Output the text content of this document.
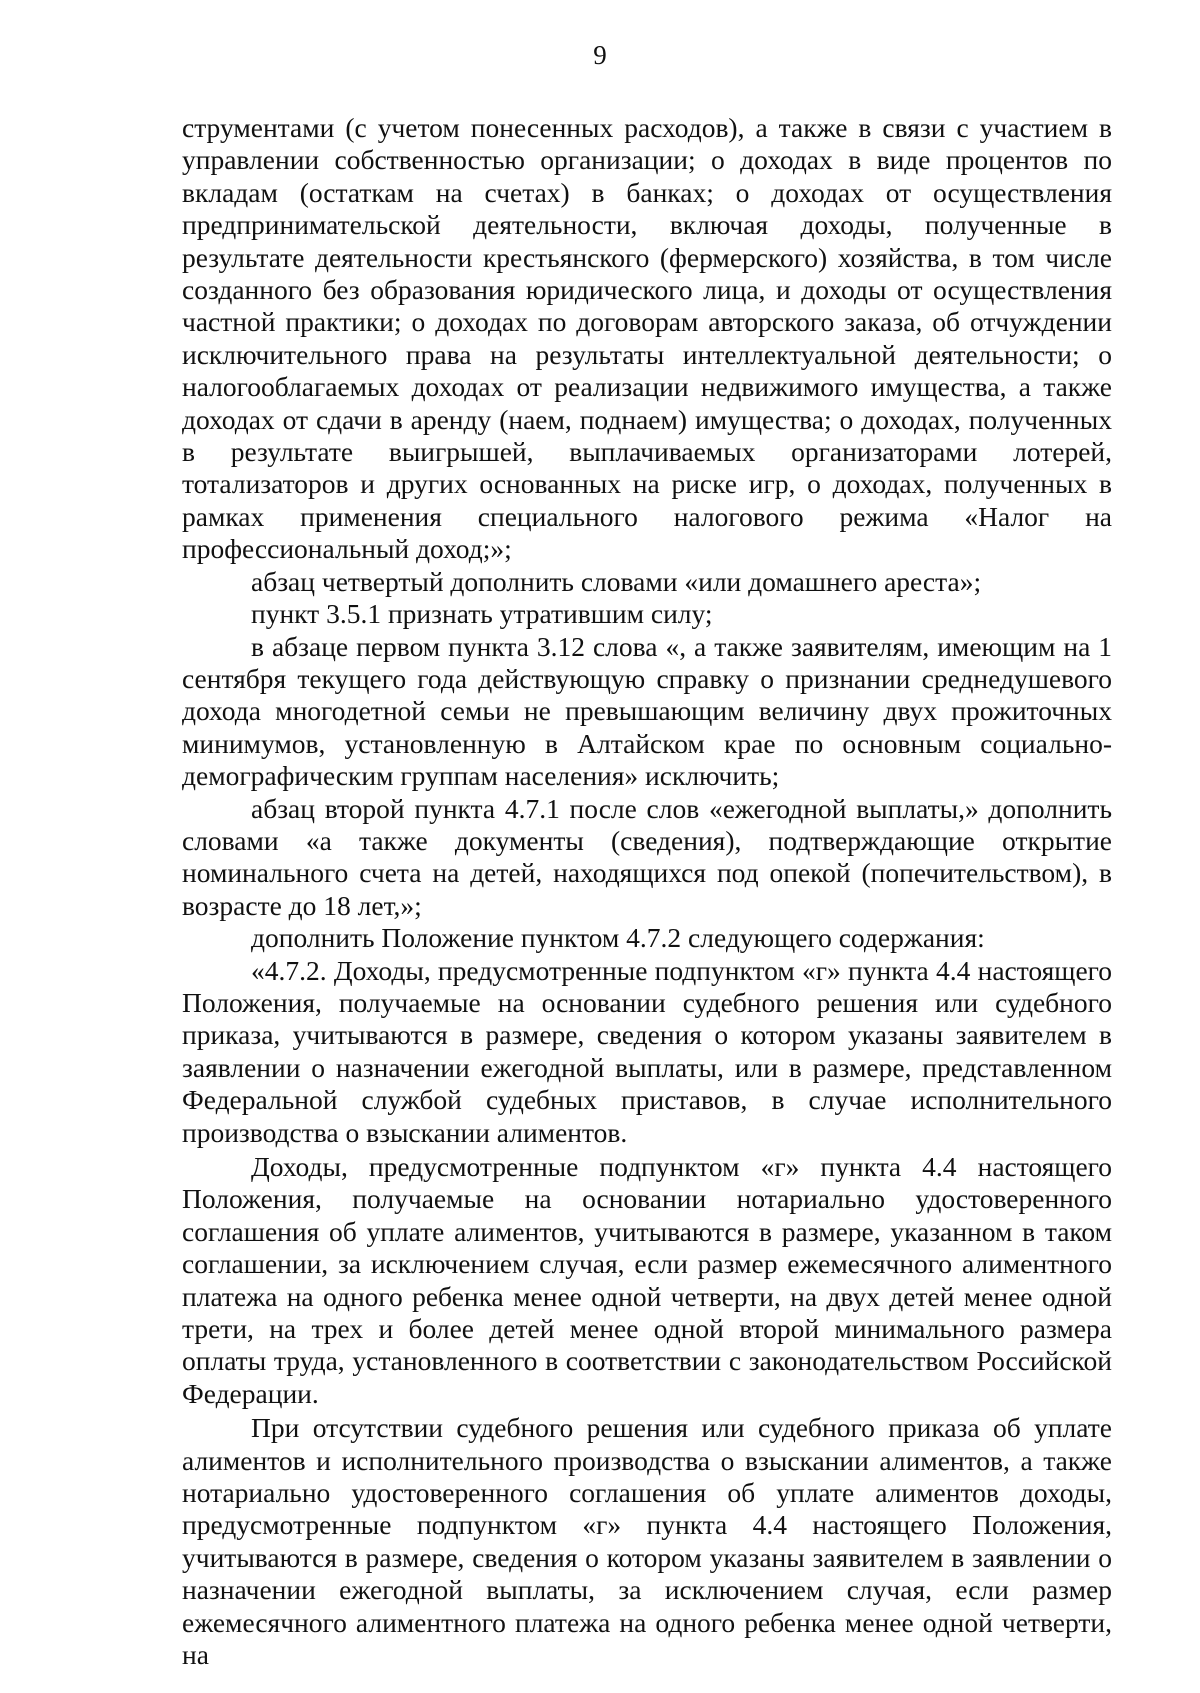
9

струментами (с учетом понесенных расходов), а также в связи с участием в управлении собственностью организации; о доходах в виде процентов по вкладам (остаткам на счетах) в банках; о доходах от осуществления предпринимательской деятельности, включая доходы, полученные в результате деятельности крестьянского (фермерского) хозяйства, в том числе созданного без образования юридического лица, и доходы от осуществления частной практики; о доходах по договорам авторского заказа, об отчуждении исключительного права на результаты интеллектуальной деятельности; о налогооблагаемых доходах от реализации недвижимого имущества, а также доходах от сдачи в аренду (наем, поднаем) имущества; о доходах, полученных в результате выигрышей, выплачиваемых организаторами лотерей, тотализаторов и других основанных на риске игр, о доходах, полученных в рамках применения специального налогового режима «Налог на профессиональный доход;»;

абзац четвертый дополнить словами «или домашнего ареста»;

пункт 3.5.1 признать утратившим силу;

в абзаце первом пункта 3.12 слова «, а также заявителям, имеющим на 1 сентября текущего года действующую справку о признании среднедушевого дохода многодетной семьи не превышающим величину двух прожиточных минимумов, установленную в Алтайском крае по основным социально-демографическим группам населения» исключить;

абзац второй пункта 4.7.1 после слов «ежегодной выплаты,» дополнить словами «а также документы (сведения), подтверждающие открытие номинального счета на детей, находящихся под опекой (попечительством), в возрасте до 18 лет,»;

дополнить Положение пунктом 4.7.2 следующего содержания:

«4.7.2. Доходы, предусмотренные подпунктом «г» пункта 4.4 настоящего Положения, получаемые на основании судебного решения или судебного приказа, учитываются в размере, сведения о котором указаны заявителем в заявлении о назначении ежегодной выплаты, или в размере, представленном Федеральной службой судебных приставов, в случае исполнительного производства о взыскании алиментов.

Доходы, предусмотренные подпунктом «г» пункта 4.4 настоящего Положения, получаемые на основании нотариально удостоверенного соглашения об уплате алиментов, учитываются в размере, указанном в таком соглашении, за исключением случая, если размер ежемесячного алиментного платежа на одного ребенка менее одной четверти, на двух детей менее одной трети, на трех и более детей менее одной второй минимального размера оплаты труда, установленного в соответствии с законодательством Российской Федерации.

При отсутствии судебного решения или судебного приказа об уплате алиментов и исполнительного производства о взыскании алиментов, а также нотариально удостоверенного соглашения об уплате алиментов доходы, предусмотренные подпунктом «г» пункта 4.4 настоящего Положения, учитываются в размере, сведения о котором указаны заявителем в заявлении о назначении ежегодной выплаты, за исключением случая, если размер ежемесячного алиментного платежа на одного ребенка менее одной четверти, на
